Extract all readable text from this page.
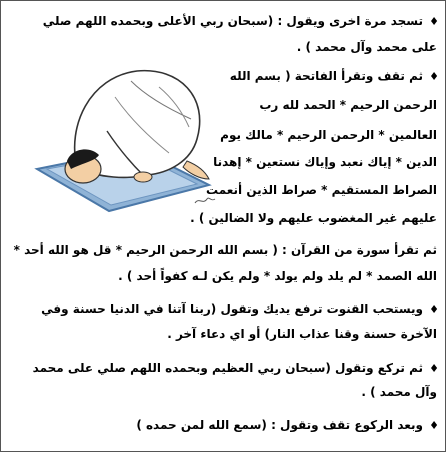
♦
تسجد مرة اخرى ويقول : (سبحان ربي الأعلى وبحمده اللهم صلي
على محمد وآل محمد ) .
♦
ثم تقف وتقرأ الفاتحة ( بسم الله
الرحمن الرحيم * الحمد لله رب
العالمين * الرحمن الرحيم * مالك يوم
الدين * إياك نعبد وإياك نستعين * إهدنا
الصراط المستقيم * صراط الذين أنعمت
عليهم غير المغضوب عليهم ولا الضالين ) .
ثم تقرأ سورة من القرآن : ( بسم الله الرحمن الرحيم * قل هو الله أحد *
الله الصمد * لم يلد ولم يولد * ولم يكن لـه كفواً أحد ) .
♦
ويستحب القنوت ترفع يديك وتقول (ربنا آتنا في الدنيا حسنة وفي
الآخرة حسنة وقنا عذاب النار) أو اي دعاء آخر .
♦
ثم تركع وتقول (سبحان ربي العظيم وبحمده اللهم صلي على محمد
وآل محمد ) .
♦
وبعد الركوع تقف وتقول : (سمع الله لمن حمده )
